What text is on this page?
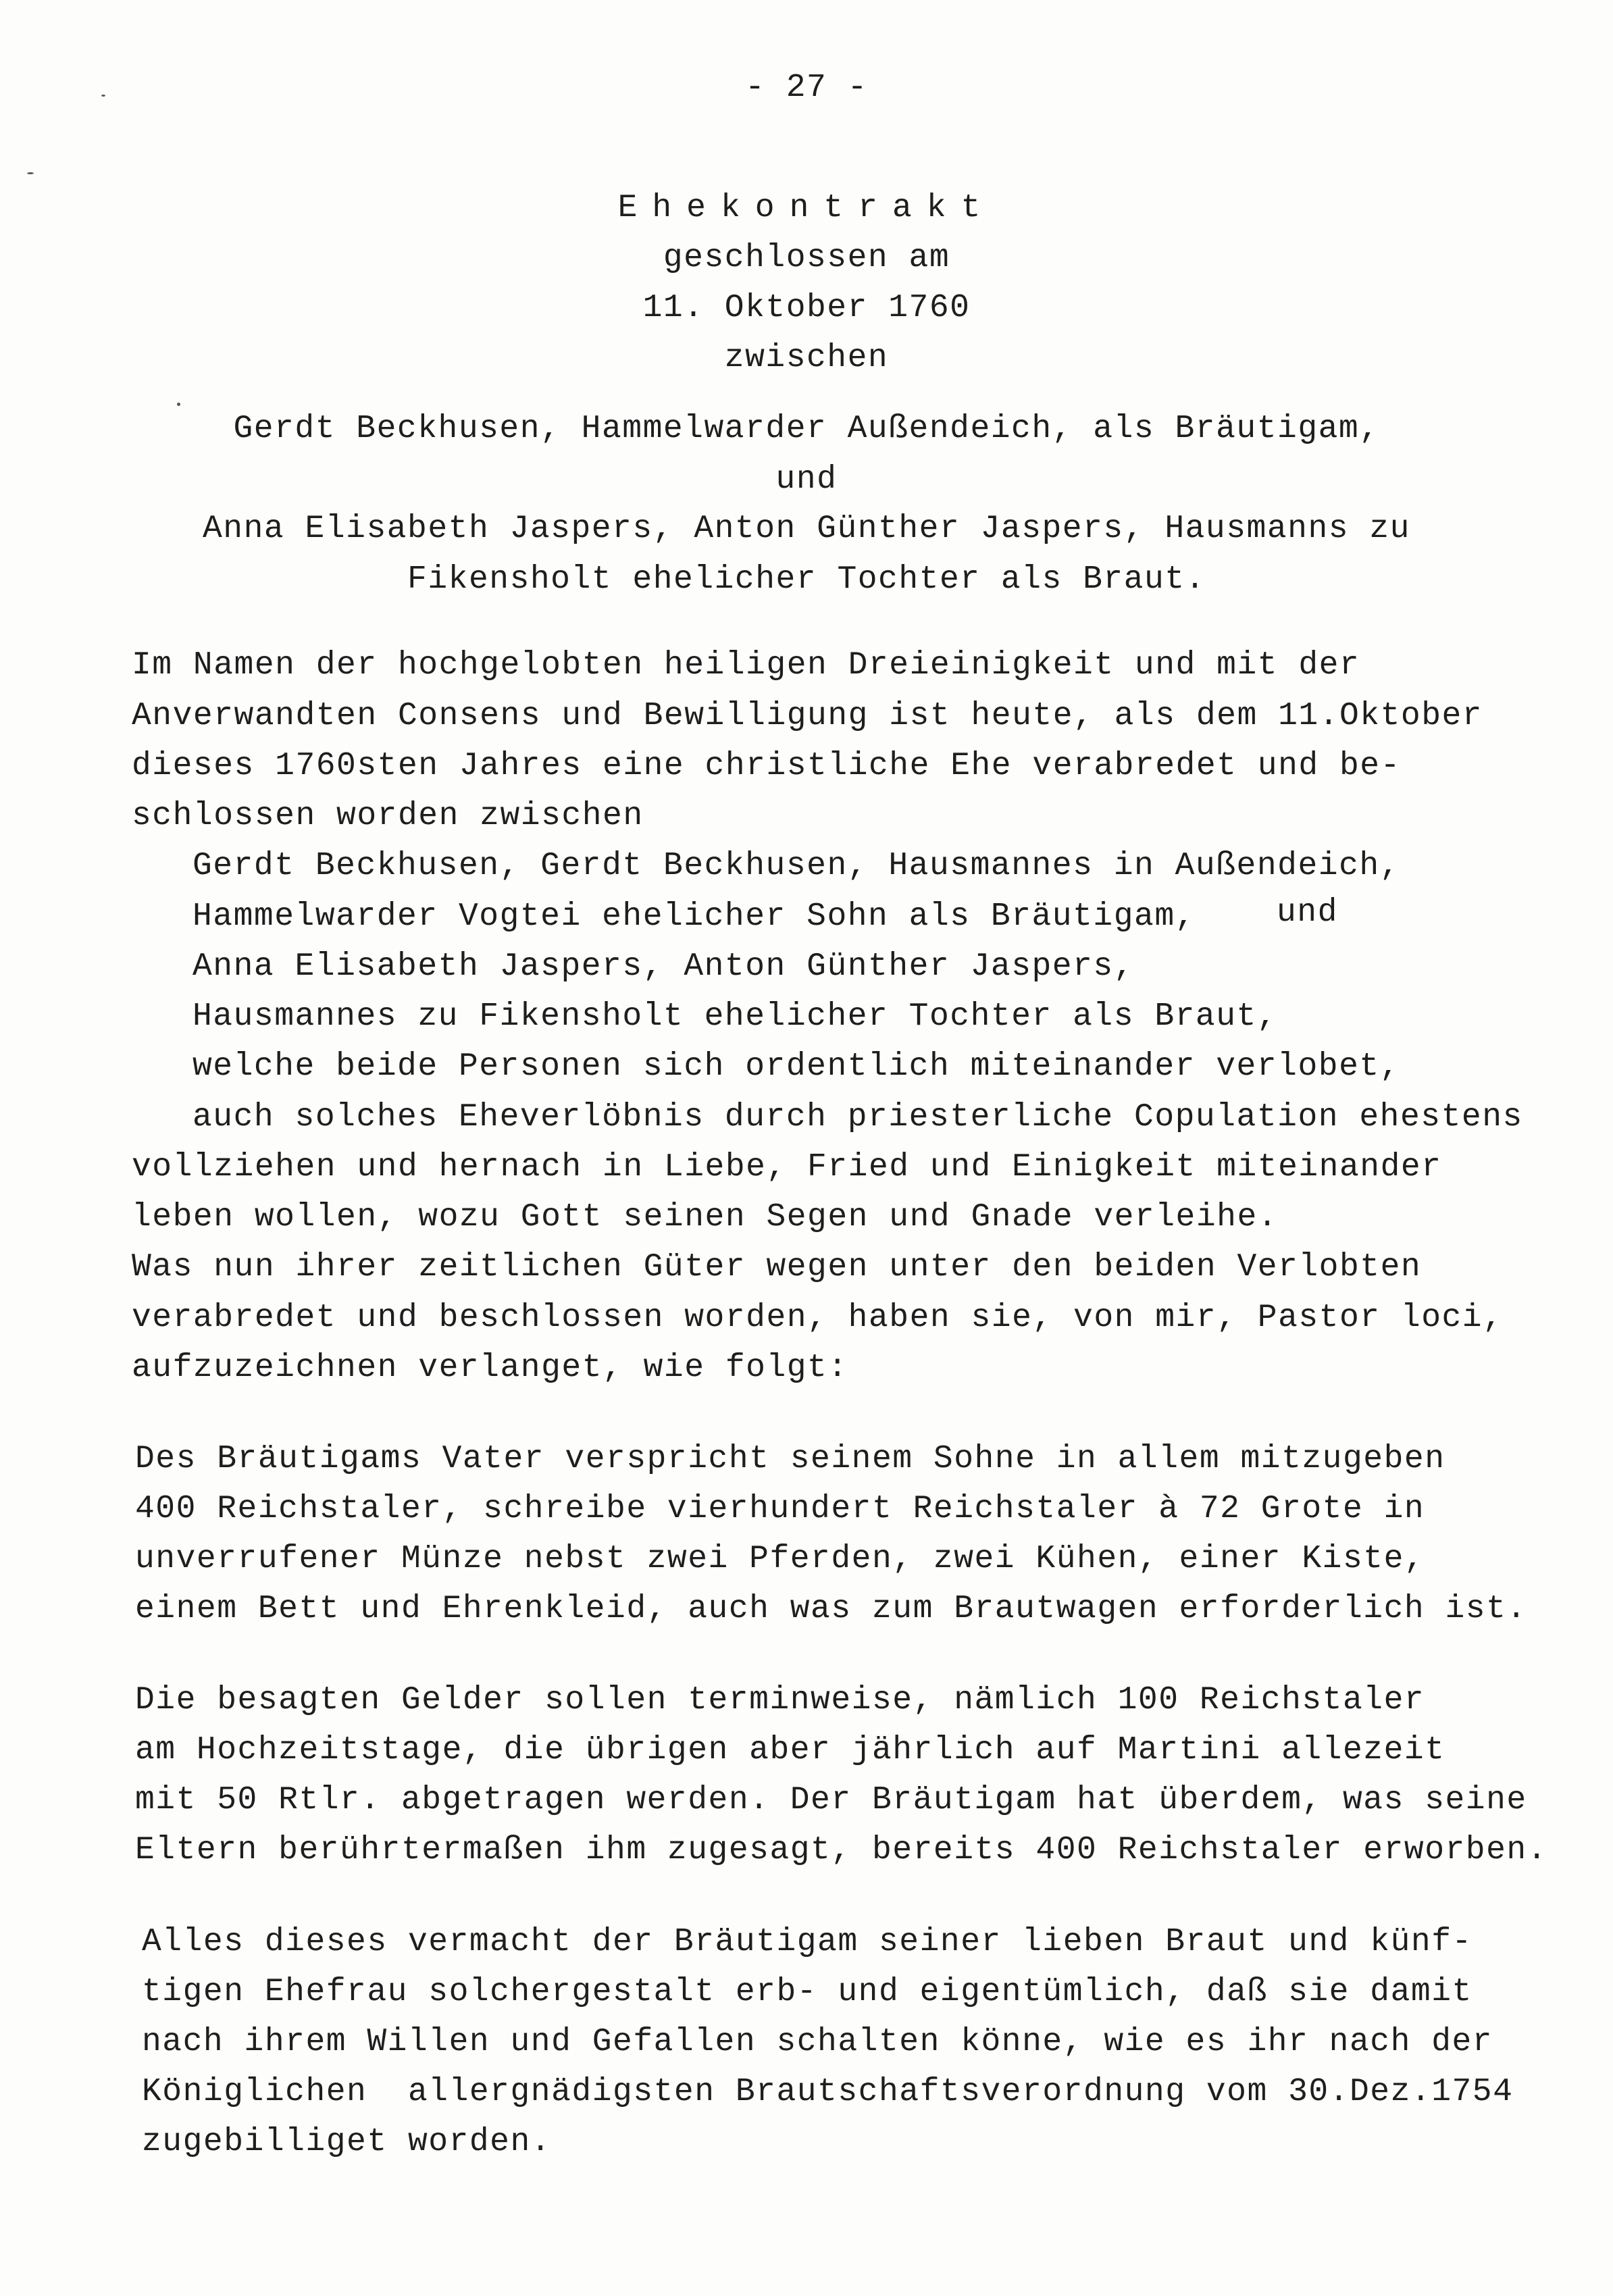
- 27 -
Ehekontrakt
geschlossen am
11. Oktober 1760
zwischen
Gerdt Beckhusen, Hammelwarder Außendeich, als Bräutigam,
und
Anna Elisabeth Jaspers, Anton Günther Jaspers, Hausmanns zu
Fikensholt ehelicher Tochter als Braut.
Im Namen der hochgelobten heiligen Dreieinigkeit und mit der
Anverwandten Consens und Bewilligung ist heute, als dem 11.Oktober
dieses 1760sten Jahres eine christliche Ehe verabredet und be-
schlossen worden zwischen
Gerdt Beckhusen, Gerdt Beckhusen, Hausmannes in Außendeich,
Hammelwarder Vogtei ehelicher Sohn als Bräutigam,	und
Anna Elisabeth Jaspers, Anton Günther Jaspers,
Hausmannes zu Fikensholt ehelicher Tochter als Braut,
welche beide Personen sich ordentlich miteinander verlobet,
auch solches Eheverlöbnis durch priesterliche Copulation ehestens
vollziehen und hernach in Liebe, Fried und Einigkeit miteinander
leben wollen, wozu Gott seinen Segen und Gnade verleihe.
Was nun ihrer zeitlichen Güter wegen unter den beiden Verlobten
verabredet und beschlossen worden, haben sie, von mir, Pastor loci,
aufzuzeichnen verlanget, wie folgt:
Des Bräutigams Vater verspricht seinem Sohne in allem mitzugeben
400 Reichstaler, schreibe vierhundert Reichstaler à 72 Grote in
unverrufener Münze nebst zwei Pferden, zwei Kühen, einer Kiste,
einem Bett und Ehrenkleid, auch was zum Brautwagen erforderlich ist.
Die besagten Gelder sollen terminweise, nämlich 100 Reichstaler
am Hochzeitstage, die übrigen aber jährlich auf Martini allezeit
mit 50 Rtlr. abgetragen werden. Der Bräutigam hat überdem, was seine
Eltern berührtermaßen ihm zugesagt, bereits 400 Reichstaler erworben.
Alles dieses vermacht der Bräutigam seiner lieben Braut und künf-
tigen Ehefrau solchergestalt erb- und eigentümlich, daß sie damit
nach ihrem Willen und Gefallen schalten könne, wie es ihr nach der
Königlichen  allergnädigsten Brautschaftsverordnung vom 30.Dez.1754
zugebilliget worden.
